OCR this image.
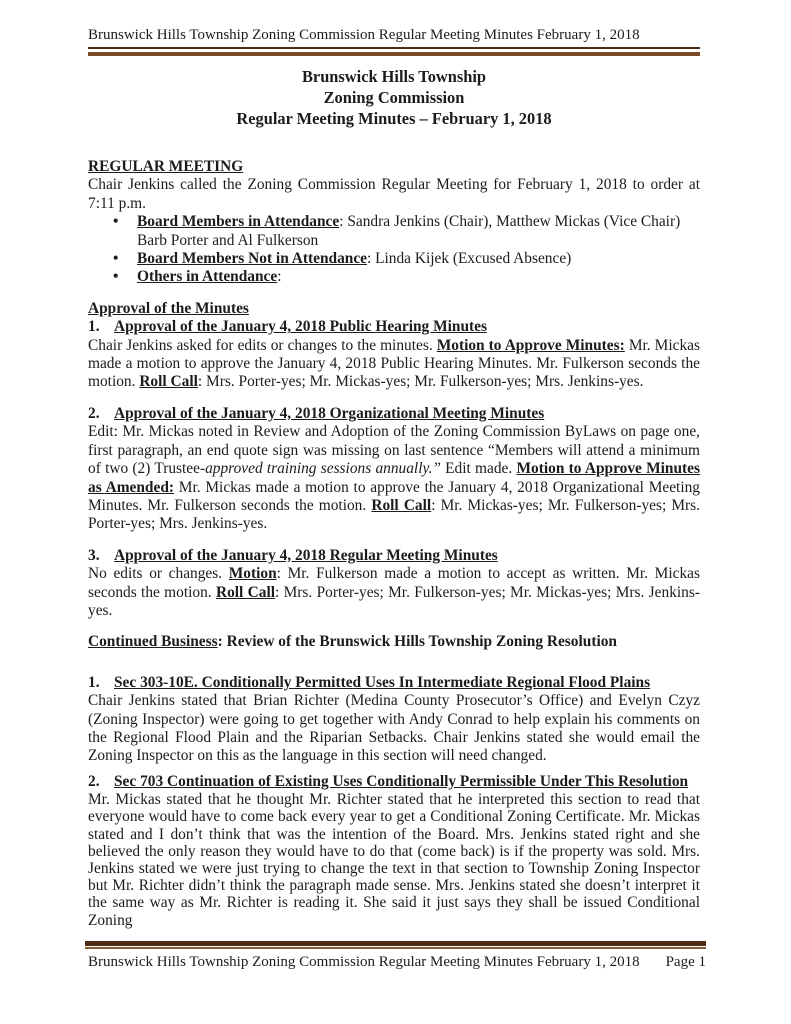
Brunswick Hills Township Zoning Commission Regular Meeting Minutes February 1, 2018
Brunswick Hills Township
Zoning Commission
Regular Meeting Minutes – February 1, 2018
REGULAR MEETING
Chair Jenkins called the Zoning Commission Regular Meeting for February 1, 2018 to order at 7:11 p.m.
• Board Members in Attendance: Sandra Jenkins (Chair), Matthew Mickas (Vice Chair) Barb Porter and Al Fulkerson
• Board Members Not in Attendance: Linda Kijek (Excused Absence)
• Others in Attendance:
Approval of the Minutes
1. Approval of the January 4, 2018 Public Hearing Minutes
Chair Jenkins asked for edits or changes to the minutes. Motion to Approve Minutes: Mr. Mickas made a motion to approve the January 4, 2018 Public Hearing Minutes. Mr. Fulkerson seconds the motion. Roll Call: Mrs. Porter-yes; Mr. Mickas-yes; Mr. Fulkerson-yes; Mrs. Jenkins-yes.
2. Approval of the January 4, 2018 Organizational Meeting Minutes
Edit: Mr. Mickas noted in Review and Adoption of the Zoning Commission ByLaws on page one, first paragraph, an end quote sign was missing on last sentence “Members will attend a minimum of two (2) Trustee-approved training sessions annually.” Edit made. Motion to Approve Minutes as Amended: Mr. Mickas made a motion to approve the January 4, 2018 Organizational Meeting Minutes. Mr. Fulkerson seconds the motion. Roll Call: Mr. Mickas-yes; Mr. Fulkerson-yes; Mrs. Porter-yes; Mrs. Jenkins-yes.
3. Approval of the January 4, 2018 Regular Meeting Minutes
No edits or changes. Motion: Mr. Fulkerson made a motion to accept as written. Mr. Mickas seconds the motion. Roll Call: Mrs. Porter-yes; Mr. Fulkerson-yes; Mr. Mickas-yes; Mrs. Jenkins-yes.
Continued Business: Review of the Brunswick Hills Township Zoning Resolution
1. Sec 303-10E. Conditionally Permitted Uses In Intermediate Regional Flood Plains
Chair Jenkins stated that Brian Richter (Medina County Prosecutor’s Office) and Evelyn Czyz (Zoning Inspector) were going to get together with Andy Conrad to help explain his comments on the Regional Flood Plain and the Riparian Setbacks. Chair Jenkins stated she would email the Zoning Inspector on this as the language in this section will need changed.
2. Sec 703 Continuation of Existing Uses Conditionally Permissible Under This Resolution
Mr. Mickas stated that he thought Mr. Richter stated that he interpreted this section to read that everyone would have to come back every year to get a Conditional Zoning Certificate. Mr. Mickas stated and I don’t think that was the intention of the Board. Mrs. Jenkins stated right and she believed the only reason they would have to do that (come back) is if the property was sold. Mrs. Jenkins stated we were just trying to change the text in that section to Township Zoning Inspector but Mr. Richter didn’t think the paragraph made sense. Mrs. Jenkins stated she doesn’t interpret it the same way as Mr. Richter is reading it. She said it just says they shall be issued Conditional Zoning
Brunswick Hills Township Zoning Commission Regular Meeting Minutes February 1, 2018 Page 1
